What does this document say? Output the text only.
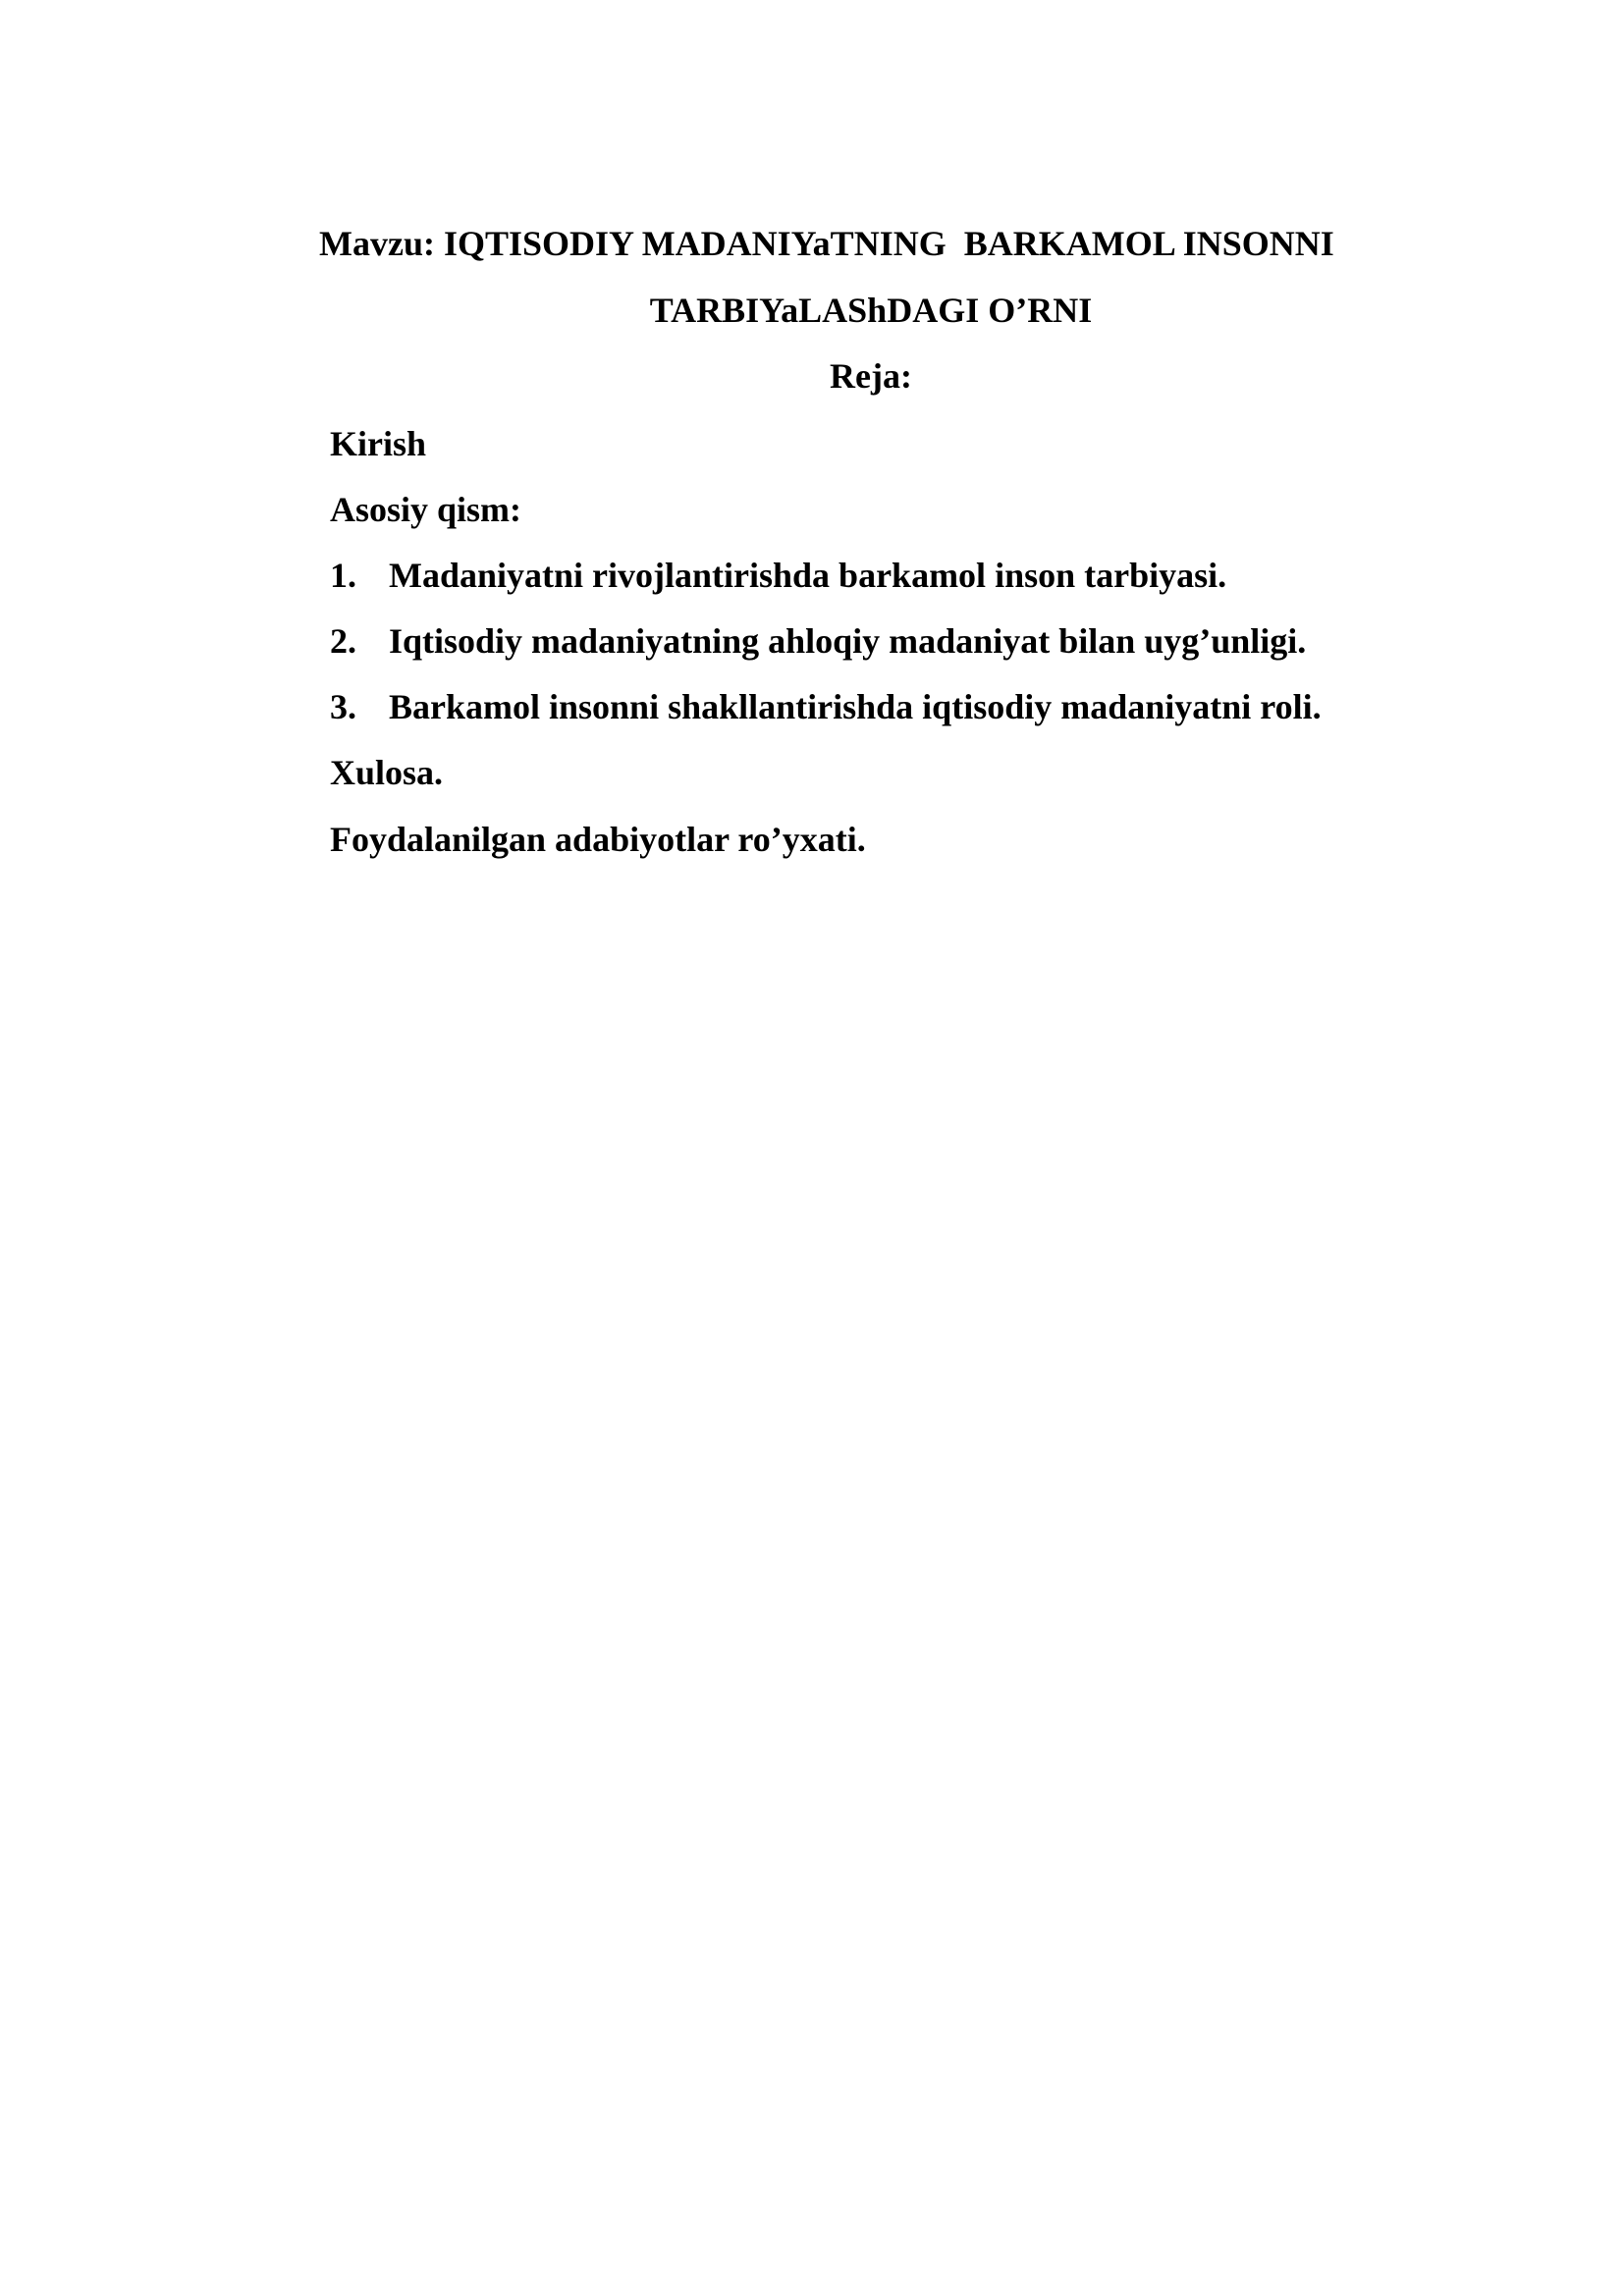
Mavzu: IQTISODIY MADANIYaTNING  BARKAMOL INSONNI
TARBIYaLAShDAGI O’RNI
Reja:
Kirish
Asosiy qism:
1. Madaniyatni rivojlantirishda barkamol inson tarbiyasi.
2. Iqtisodiy madaniyatning ahloqiy madaniyat bilan uyg’unligi.
3. Barkamol insonni shakllantirishda iqtisodiy madaniyatni roli.
Xulosa.
Foydalanilgan adabiyotlar ro’yxati.
